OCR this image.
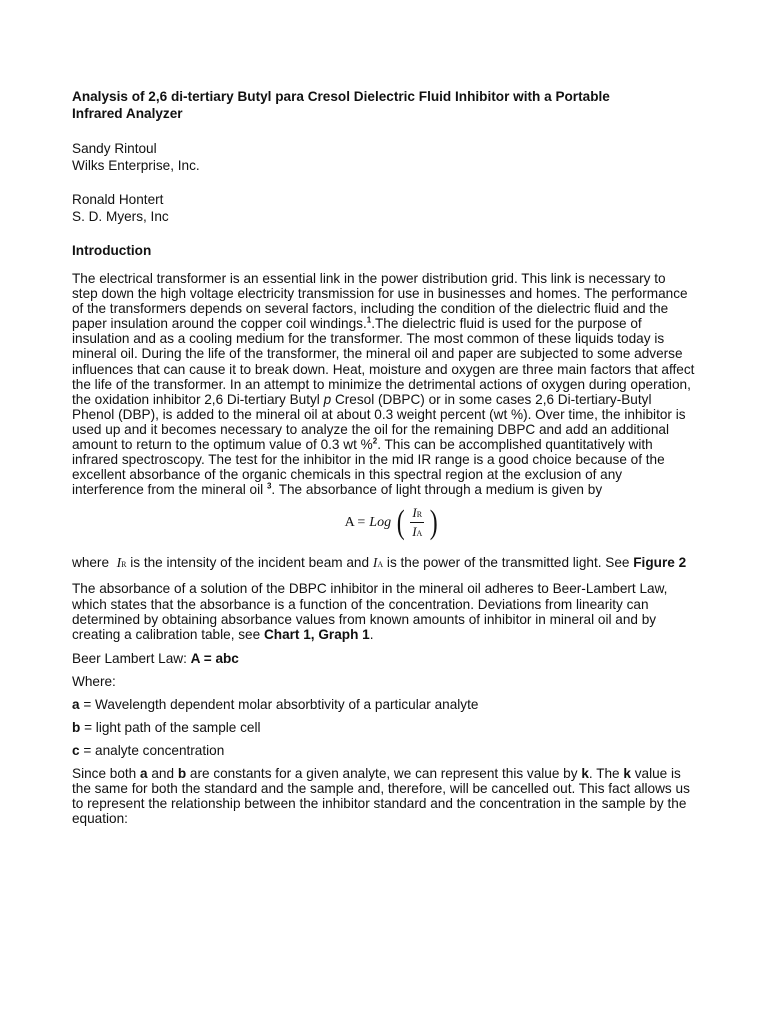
Analysis of 2,6 di-tertiary Butyl para Cresol Dielectric Fluid Inhibitor with a Portable
Infrared Analyzer
Sandy Rintoul
Wilks Enterprise, Inc.
Ronald Hontert
S. D. Myers, Inc
Introduction

The electrical transformer is an essential link in the power distribution grid. This link is necessary to

step down the high voltage electricity transmission for use in businesses and homes. The performance

of the transformers depends on several factors, including the condition of the dielectric fluid and the

paper insulation around the copper coil windings.$^1$.The dielectric fluid is used for the purpose of

insulation and as a cooling medium for the transformer. The most common of these liquids today is

mineral oil. During the life of the transformer, the mineral oil and paper are subjected to some adverse

influences that can cause it to break down. Heat, moisture and oxygen are three main factors that affect

the life of the transformer. In an attempt to minimize the detrimental actions of oxygen during operation,

the oxidation inhibitor 2,6 Di-tertiary Butyl p Cresol (DBPC) or in some cases 2,6 Di-tertiary-Butyl

Phenol (DBP), is added to the mineral oil at about 0.3 weight percent (wt %). Over time, the inhibitor is

used up and it becomes necessary to analyze the oil for the remaining DBPC and add an additional

amount to return to the optimum value of 0.3 wt %$^2$. This can be accomplished quantitatively with

infrared spectroscopy. The test for the inhibitor in the mid IR range is a good choice because of the

excellent absorbance of the organic chemicals in this spectral region at the exclusion of any

interference from the mineral oil $^3$. The absorbance of light through a medium is given by

A = Log ( $\frac{IR}{IA}$ )
where IR is the intensity of the incident beam and IA is the power of the transmitted light. See Figure 2

The absorbance of a solution of the DBPC inhibitor in the mineral oil adheres to Beer-Lambert Law,

which states that the absorbance is a function of the concentration. Deviations from linearity can

determined by obtaining absorbance values from known amounts of inhibitor in mineral oil and by

creating a calibration table, see Chart 1, Graph 1.

Beer Lambert Law: A = abc
Where:
a = Wavelength dependent molar absorbtivity of a particular analyte
b = light path of the sample cell
c = analyte concentration

Since both a and b are constants for a given analyte, we can represent this value by k. The k value is

the same for both the standard and the sample and, therefore, will be cancelled out. This fact allows us

to represent the relationship between the inhibitor standard and the concentration in the sample by the

equation:
